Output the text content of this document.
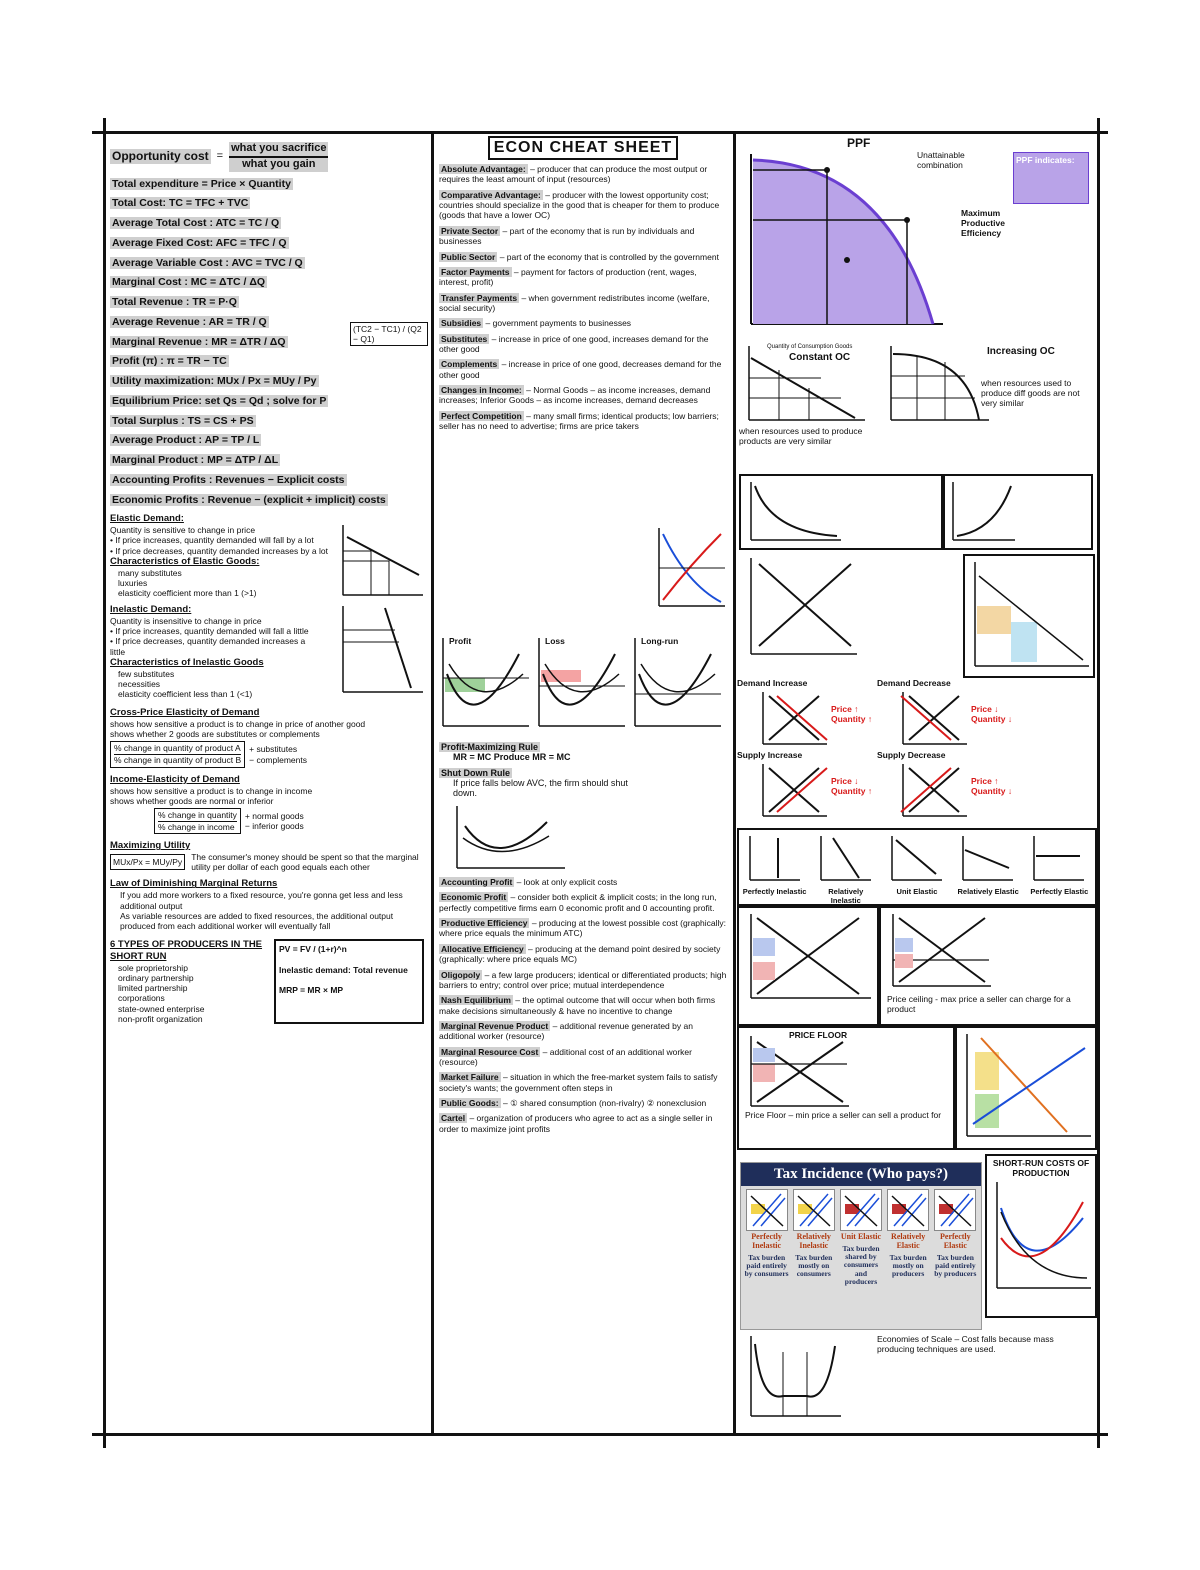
Opportunity cost =
what you sacrifice
what you gain
Total expenditure = Price × Quantity
Total Cost: TC = TFC + TVC
Average Total Cost : ATC = TC / Q
Average Fixed Cost: AFC = TFC / Q
Average Variable Cost : AVC = TVC / Q
Marginal Cost : MC = ΔTC / ΔQ
Total Revenue : TR = P·Q
Average Revenue : AR = TR / Q
Marginal Revenue : MR = ΔTR / ΔQ
Profit (π) : π = TR − TC
Utility maximization: MUx / Px = MUy / Py
Equilibrium Price: set Qs = Qd ; solve for P
Total Surplus : TS = CS + PS
Average Product : AP = TP / L
Marginal Product : MP = ΔTP / ΔL
Accounting Profits : Revenues − Explicit costs
Economic Profits : Revenue − (explicit + implicit) costs
(TC2 − TC1) / (Q2 − Q1)
Elastic Demand:
Quantity is sensitive to change in price
• If price increases, quantity demanded will fall by a lot
• If price decreases, quantity demanded increases by a lot
Characteristics of Elastic Goods:
many substitutes
luxuries
elasticity coefficient more than 1 (>1)
Inelastic Demand:
Quantity is insensitive to change in price
• If price increases, quantity demanded will fall a little
• If price decreases, quantity demanded increases a little
Characteristics of Inelastic Goods
few substitutes
necessities
elasticity coefficient less than 1 (<1)
Cross-Price Elasticity of Demand
shows how sensitive a product is to change in price of another good
shows whether 2 goods are substitutes or complements
% change in quantity of product A
% change in quantity of product B
+ substitutes
− complements
Income-Elasticity of Demand
shows how sensitive a product is to change in income
shows whether goods are normal or inferior
% change in quantity
% change in income
+ normal goods
− inferior goods
Maximizing Utility
MUx/Px = MUy/Py
The consumer's money should be spent so that the marginal utility per dollar of each good equals each other
Law of Diminishing Marginal Returns
If you add more workers to a fixed resource, you're gonna get less and less additional output
As variable resources are added to fixed resources, the additional output produced from each additional worker will eventually fall
6 TYPES OF PRODUCERS IN THE SHORT RUN
sole proprietorship
ordinary partnership
limited partnership
corporations
state-owned enterprise
non-profit organization
PV = FV / (1+r)^n
Inelastic demand: Total revenue
MRP = MR × MP
ECON CHEAT SHEET
Absolute Advantage: – producer that can produce the most output or requires the least amount of input (resources)
Comparative Advantage: – producer with the lowest opportunity cost; countries should specialize in the good that is cheaper for them to produce (goods that have a lower OC)
Private Sector – part of the economy that is run by individuals and businesses
Public Sector – part of the economy that is controlled by the government
Factor Payments – payment for factors of production (rent, wages, interest, profit)
Transfer Payments – when government redistributes income (welfare, social security)
Subsidies – government payments to businesses
Substitutes – increase in price of one good, increases demand for the other good
Complements – increase in price of one good, decreases demand for the other good
Changes in Income: – Normal Goods – as income increases, demand increases; Inferior Goods – as income increases, demand decreases
Perfect Competition – many small firms; identical products; low barriers; seller has no need to advertise; firms are price takers
Profit	Loss	Long-run
Profit-Maximizing Rule
MR = MC Produce MR = MC
Shut Down Rule
If price falls below AVC, the firm should shut down.
Accounting Profit – look at only explicit costs
Economic Profit – consider both explicit & implicit costs; in the long run, perfectly competitive firms earn 0 economic profit and 0 accounting profit.
Productive Efficiency – producing at the lowest possible cost (graphically: where price equals the minimum ATC)
Allocative Efficiency – producing at the demand point desired by society (graphically: where price equals MC)
Oligopoly – a few large producers; identical or differentiated products; high barriers to entry; control over price; mutual interdependence
Nash Equilibrium – the optimal outcome that will occur when both firms make decisions simultaneously & have no incentive to change
Marginal Revenue Product – additional revenue generated by an additional worker (resource)
Marginal Resource Cost – additional cost of an additional worker (resource)
Market Failure – situation in which the free-market system fails to satisfy society's wants; the government often steps in
Public Goods: – ① shared consumption (non-rivalry) ② nonexclusion
Cartel – organization of producers who agree to act as a single seller in order to maximize joint profits
PPF
Quantity of Consumption Goods
Unattainable combination
PPF indicates:
Maximum Productive Efficiency
Constant OC
when resources used to produce products are very similar
Increasing OC
when resources used to produce diff goods are not very similar
Demand Increase
Price ↑ Quantity ↑
Demand Decrease
Price ↓ Quantity ↓
Supply Increase
Price ↓ Quantity ↑
Supply Decrease
Price ↑ Quantity ↓
Perfectly Inelastic	Relatively Inelastic
Unit Elastic	Relatively Elastic	Perfectly Elastic
Price ceiling - max price a seller can charge for a product
PRICE FLOOR
Price Floor – min price a seller can sell a product for
SHORT-RUN COSTS OF PRODUCTION
Economies of Scale – Cost falls because mass producing techniques are used.
Tax Incidence (Who pays?)
Perfectly Inelastic
Tax burden paid entirely by consumers
Relatively Inelastic
Tax burden mostly on consumers
Unit Elastic
Tax burden shared by consumers and producers
Relatively Elastic
Tax burden mostly on producers
Perfectly Elastic
Tax burden paid entirely by producers
